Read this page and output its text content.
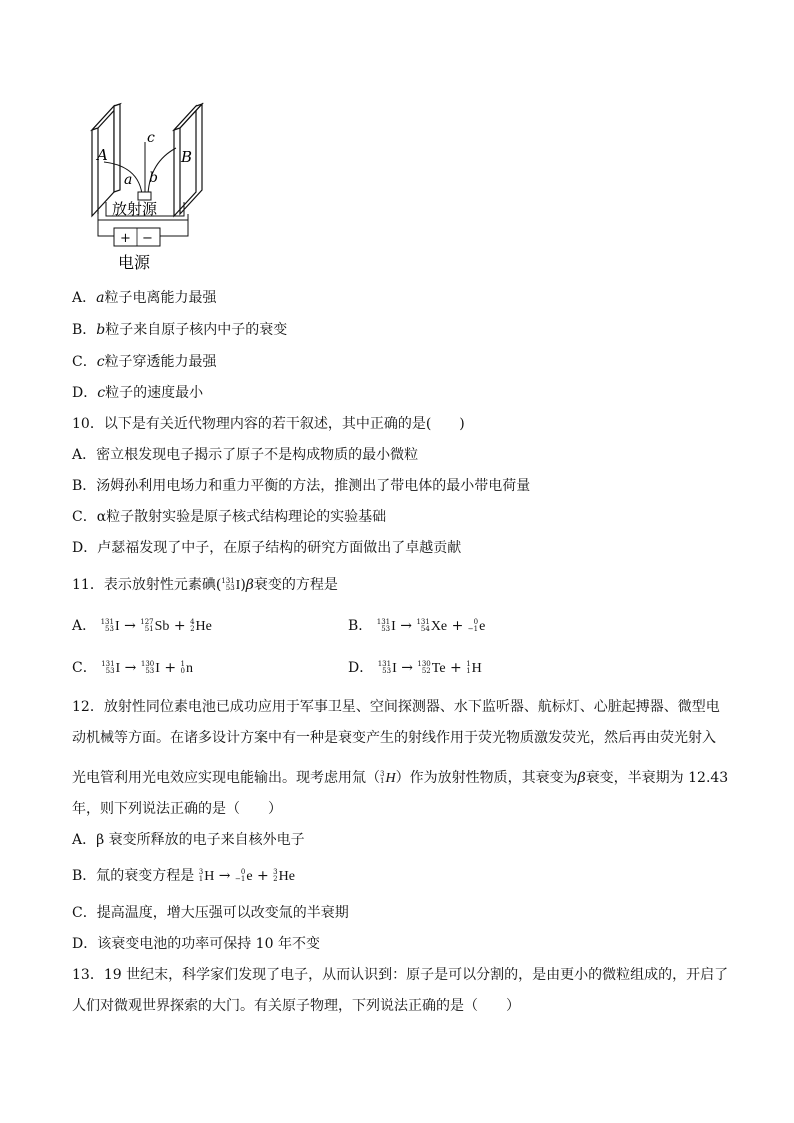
A	B
a b
c
放射源
+ −
电源
A．a粒子电离能力最强
B．b粒子来自原子核内中子的衰变
C．c粒子穿透能力最强
D．c粒子的速度最小
10．以下是有关近代物理内容的若干叙述，其中正确的是(　　)
A．密立根发现电子揭示了原子不是构成物质的最小微粒
B．汤姆孙利用电场力和重力平衡的方法，推测出了带电体的最小带电荷量
C．α粒子散射实验是原子核式结构理论的实验基础
D．卢瑟福发现了中子，在原子结构的研究方面做出了卓越贡献
11．表示放射性元素碘( 131
53 I)β衰变的方程是
A． 131
53 I → 127
51 Sb + 4
2 He	B． 131
53 I → 131
54 Xe +	0
−1 e
C． 131
53 I → 130
53 I + 1
0 n	D． 131
53 I → 130
52 Te + 1
1 H
12．放射性同位素电池已成功应用于军事卫星、空间探测器、水下监听器、航标灯、心脏起搏器、微型电
动机械等方面。在诸多设计方案中有一种是衰变产生的射线作用于荧光物质激发荧光，然后再由荧光射入
光电管利用光电效应实现电能输出。现考虑用氚（ 3
1 H）作为放射性物质，其衰变为β衰变，半衰期为 12.43
年，则下列说法正确的是（　　）
A．β 衰变所释放的电子来自核外电子
B．氚的衰变方程是 3
1 H →	0
−1 e + 3
2 He
C．提高温度，增大压强可以改变氚的半衰期
D．该衰变电池的功率可保持 10 年不变
13．19 世纪末，科学家们发现了电子，从而认识到：原子是可以分割的，是由更小的微粒组成的，开启了
人们对微观世界探索的大门。有关原子物理，下列说法正确的是（　　）
